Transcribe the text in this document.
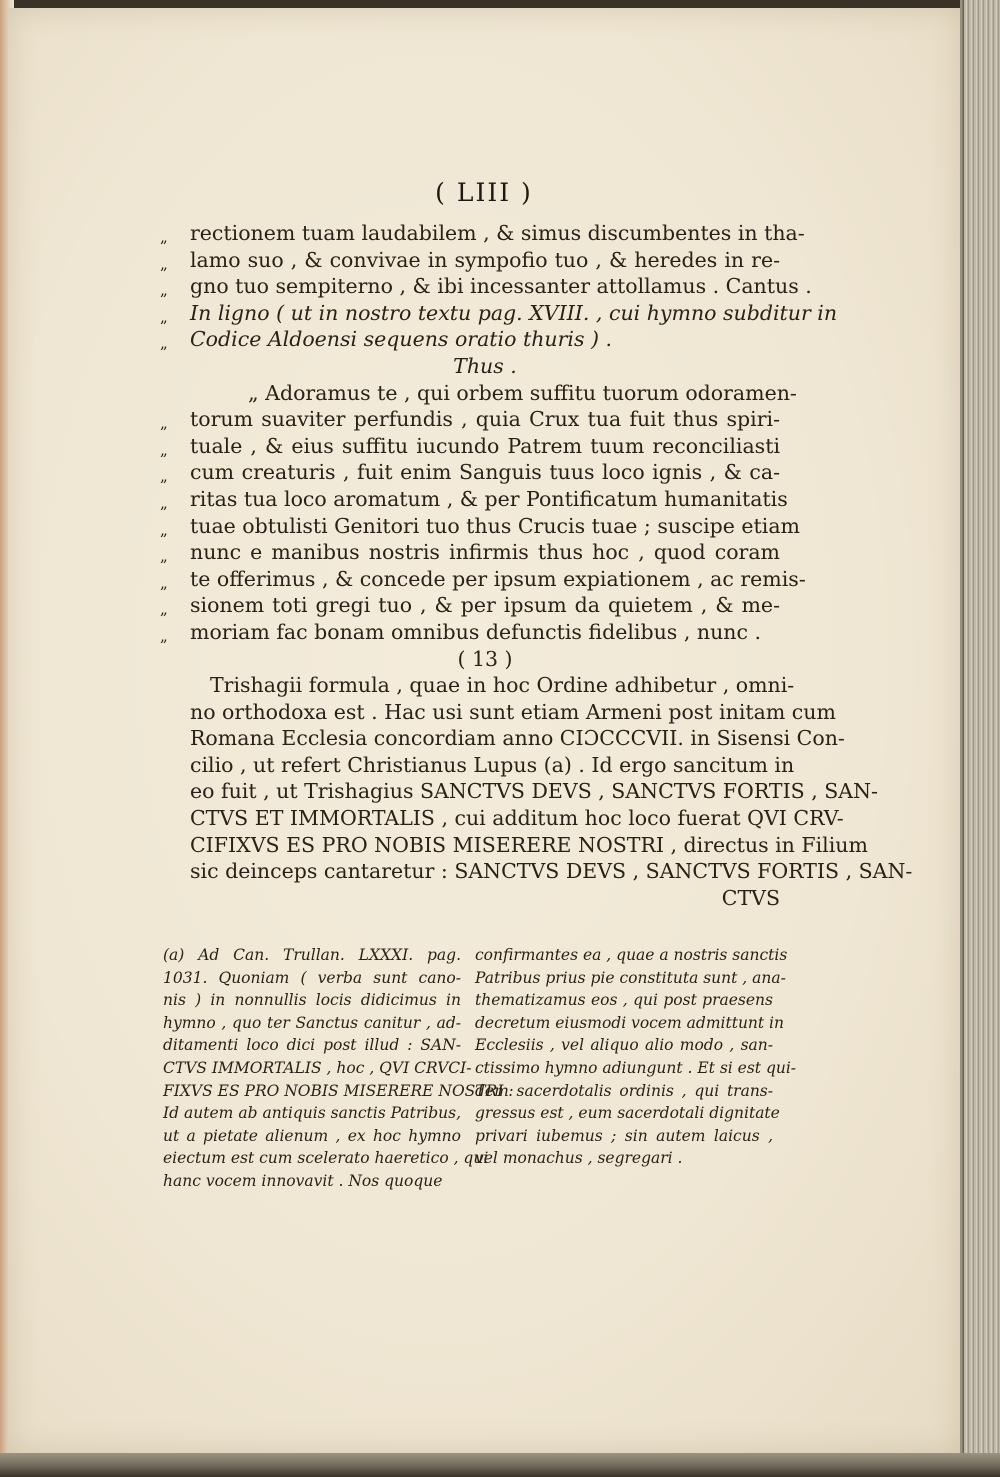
( LIII )
„	rectionem tuam laudabilem , & simus discumbentes in tha-
„	lamo suo , & convivae in sympofio tuo , & heredes in re-
„	gno tuo sempiterno , & ibi incessanter attollamus . Cantus .
„	In ligno ( ut in nostro textu pag. XVIII. , cui hymno subditur in
„	Codice Aldoensi sequens oratio thuris ) .
Thus .
„ Adoramus te , qui orbem suffitu tuorum odoramen-
„	torum suaviter perfundis , quia Crux tua fuit thus spiri-
„	tuale , & eius suffitu iucundo Patrem tuum reconciliasti
„	cum creaturis , fuit enim Sanguis tuus loco ignis , & ca-
„	ritas tua loco aromatum , & per Pontificatum humanitatis
„	tuae obtulisti Genitori tuo thus Crucis tuae ; suscipe etiam
„	nunc e manibus nostris infirmis thus hoc , quod coram
„	te offerimus , & concede per ipsum expiationem , ac remis-
„	sionem toti gregi tuo , & per ipsum da quietem , & me-
„	moriam fac bonam omnibus defunctis fidelibus , nunc .
( 13 )
Trishagii formula , quae in hoc Ordine adhibetur , omni-
no orthodoxa est . Hac usi sunt etiam Armeni post initam cum
Romana Ecclesia concordiam anno CIƆCCCVII. in Sisensi Con-
cilio , ut refert Christianus Lupus (a) . Id ergo sancitum in
eo fuit , ut Trishagius SANCTVS DEVS , SANCTVS FORTIS , SAN-
CTVS ET IMMORTALIS , cui additum hoc loco fuerat QVI CRV-
CIFIXVS ES PRO NOBIS MISERERE NOSTRI , directus in Filium
sic deinceps cantaretur : SANCTVS DEVS , SANCTVS FORTIS , SAN-
CTVS
(a) Ad Can. Trullan. LXXXI. pag.
1031. Quoniam ( verba sunt cano-
nis ) in nonnullis locis didicimus in
hymno , quo ter Sanctus canitur , ad-
ditamenti loco dici post illud : SAN-
CTVS IMMORTALIS , hoc , QVI CRVCI-
FIXVS ES PRO NOBIS MISERERE NOSTRI :
Id autem ab antiquis sanctis Patribus,
ut a pietate alienum , ex hoc hymno
eiectum est cum scelerato haeretico , qui
hanc vocem innovavit . Nos quoque
confirmantes ea , quae a nostris sanctis
Patribus prius pie constituta sunt , ana-
thematizamus eos , qui post praesens
decretum eiusmodi vocem admittunt in
Ecclesiis , vel aliquo alio modo , san-
ctissimo hymno adiungunt . Et si est qui-
dem sacerdotalis ordinis , qui trans-
gressus est , eum sacerdotali dignitate
privari iubemus ; sin autem laicus ,
vel monachus , segregari .
